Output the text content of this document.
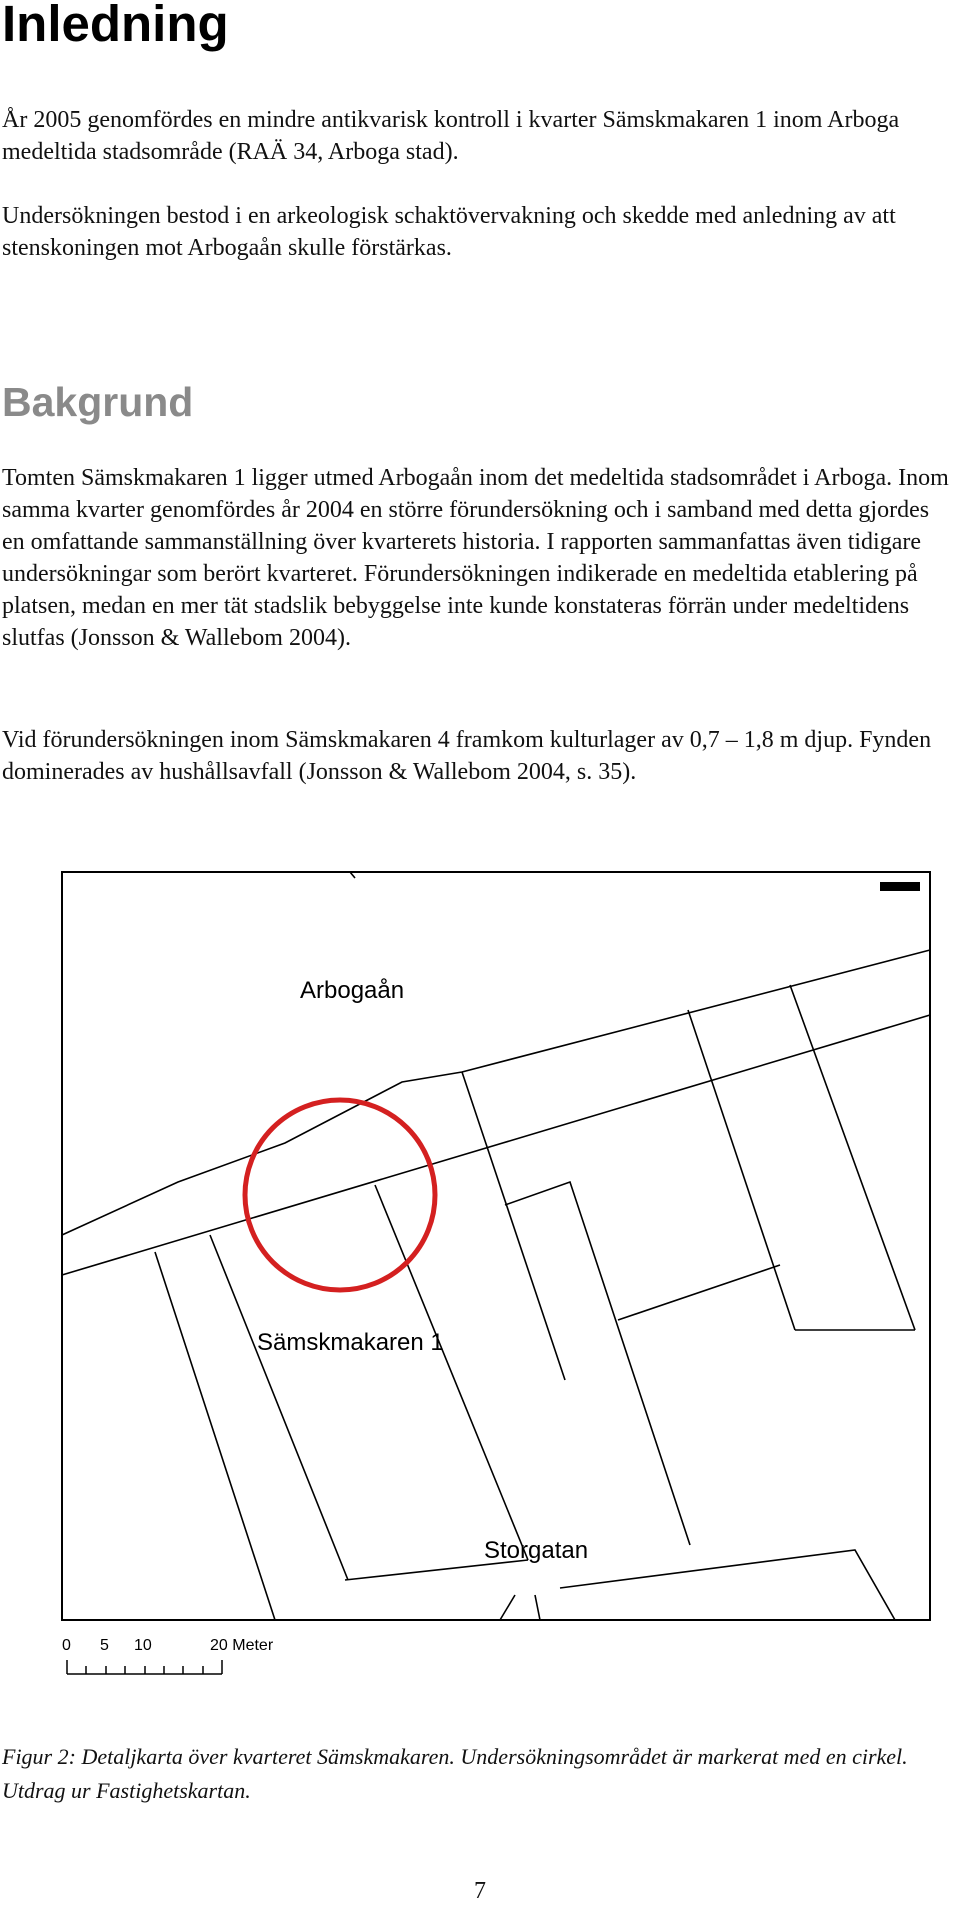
Inledning

År 2005 genomfördes en mindre antikvarisk kontroll i kvarter Sämskmakaren 1 inom Arboga medeltida stadsområde (RAÄ 34, Arboga stad).

Undersökningen bestod i en arkeologisk schaktövervakning och skedde med anledning av att stenskoningen mot Arbogaån skulle förstärkas.

Bakgrund

Tomten Sämskmakaren 1 ligger utmed Arbogaån inom det medeltida stadsområdet i Arboga. Inom samma kvarter genomfördes år 2004 en större förundersökning och i samband med detta gjordes en omfattande sammanställning över kvarterets historia. I rapporten sammanfattas även tidigare undersökningar som berört kvarteret. Förundersökningen indikerade en medeltida etablering på platsen, medan en mer tät stadslik bebyggelse inte kunde konstateras förrän under medeltidens slutfas (Jonsson & Wallebom 2004).

Vid förundersökningen inom Sämskmakaren 4 framkom kulturlager av 0,7 – 1,8 m djup. Fynden dominerades av hushållsavfall (Jonsson & Wallebom 2004, s. 35).

Arbogaån
Sämskmakaren 1
Storgatan
0 5 10	20 Meter

Figur 2: Detaljkarta över kvarteret Sämskmakaren. Undersökningsområdet är markerat med en cirkel. Utdrag ur Fastighetskartan.

7
